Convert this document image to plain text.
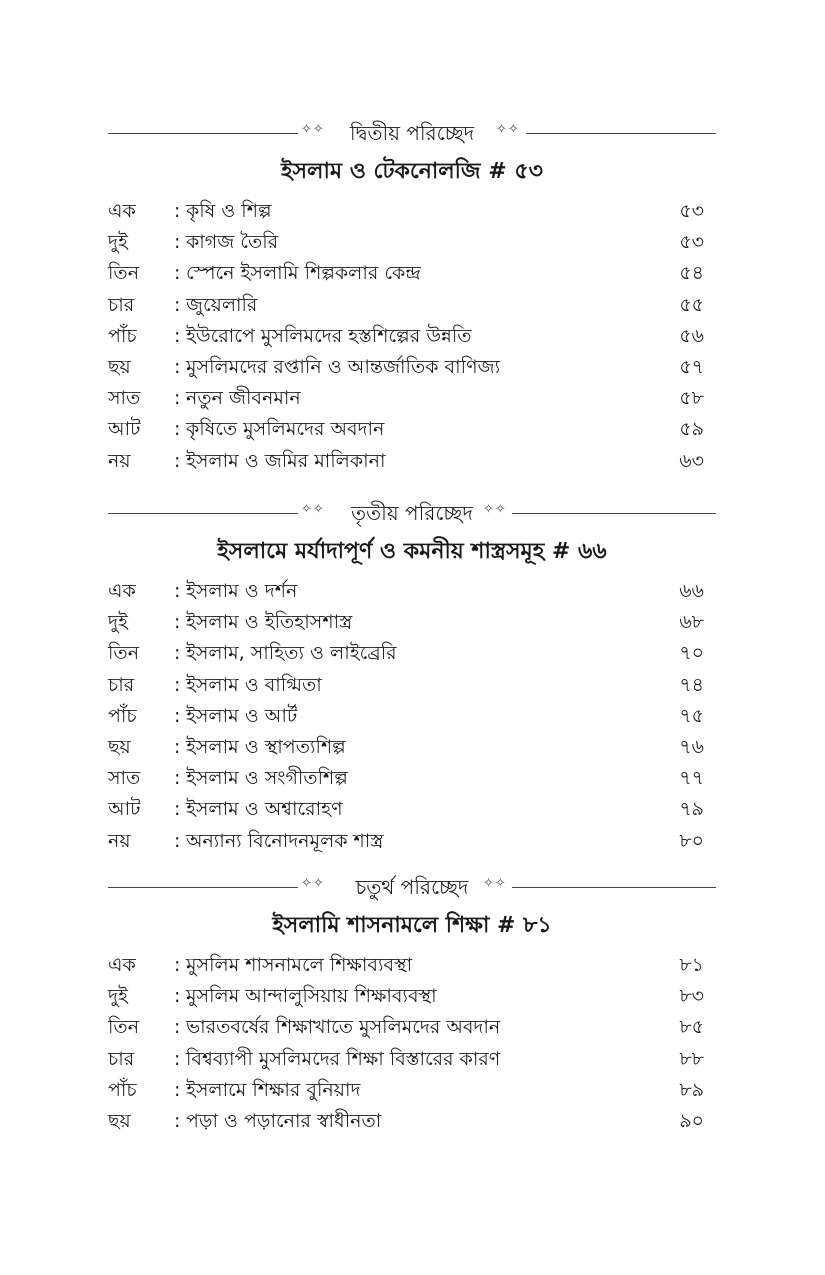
✧✧	✧✧
দ্বিতীয় পরিচ্ছেদ
ইসলাম ও টেকনোলজি # ৫৩
এক : কৃষি ও শিল্প	৫৩
দুই : কাগজ তৈরি	৫৩
তিন : স্পেনে ইসলামি শিল্পকলার কেন্দ্র	৫৪
চার : জুয়েলারি	৫৫
পাঁচ : ইউরোপে মুসলিমদের হস্তশিল্পের উন্নতি	৫৬
ছয় : মুসলিমদের রপ্তানি ও আন্তর্জাতিক বাণিজ্য	৫৭
সাত : নতুন জীবনমান	৫৮
আট : কৃষিতে মুসলিমদের অবদান	৫৯
নয় : ইসলাম ও জমির মালিকানা	৬৩
✧✧	✧✧
তৃতীয় পরিচ্ছেদ
ইসলামে মর্যাদাপূর্ণ ও কমনীয় শাস্ত্রসমূহ # ৬৬
এক : ইসলাম ও দর্শন	৬৬
দুই : ইসলাম ও ইতিহাসশাস্ত্র	৬৮
তিন : ইসলাম, সাহিত্য ও লাইব্রেরি	৭০
চার : ইসলাম ও বাগ্মিতা	৭৪
পাঁচ : ইসলাম ও আর্ট	৭৫
ছয় : ইসলাম ও স্থাপত্যশিল্প	৭৬
সাত : ইসলাম ও সংগীতশিল্প	৭৭
আট : ইসলাম ও অশ্বারোহণ	৭৯
নয় : অন্যান্য বিনোদনমূলক শাস্ত্র	৮০
✧✧	✧✧
চতুর্থ পরিচ্ছেদ
ইসলামি শাসনামলে শিক্ষা # ৮১
এক : মুসলিম শাসনামলে শিক্ষাব্যবস্থা	৮১
দুই : মুসলিম আন্দালুসিয়ায় শিক্ষাব্যবস্থা	৮৩
তিন : ভারতবর্ষের শিক্ষাখাতে মুসলিমদের অবদান	৮৫
চার : বিশ্বব্যাপী মুসলিমদের শিক্ষা বিস্তারের কারণ	৮৮
পাঁচ : ইসলামে শিক্ষার বুনিয়াদ	৮৯
ছয় : পড়া ও পড়ানোর স্বাধীনতা	৯০
